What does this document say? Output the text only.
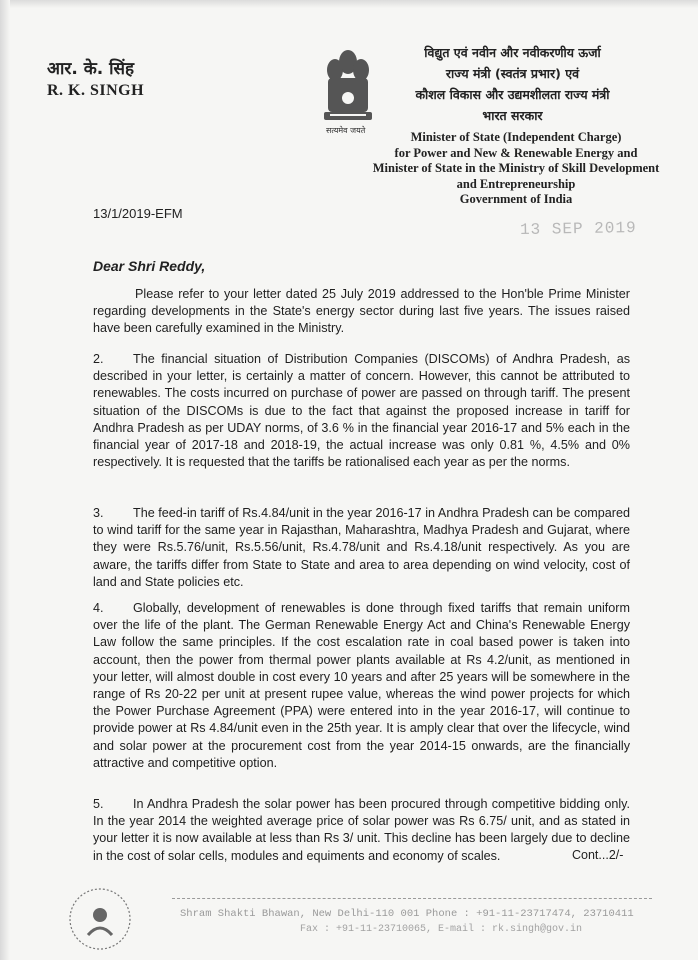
आर. के. सिंह
R. K. SINGH
सत्यमेव जयते
विद्युत एवं नवीन और नवीकरणीय ऊर्जा
राज्य मंत्री (स्वतंत्र प्रभार) एवं
कौशल विकास और उद्यमशीलता राज्य मंत्री
भारत सरकार
Minister of State (Independent Charge)
for Power and New & Renewable Energy and
Minister of State in the Ministry of Skill Development
and Entrepreneurship
Government of India
13/1/2019-EFM
13 SEP 2019
Dear Shri Reddy,
Please refer to your letter dated 25 July 2019 addressed to the Hon'ble Prime Minister regarding developments in the State's energy sector during last five years. The issues raised have been carefully examined in the Ministry.
2. The financial situation of Distribution Companies (DISCOMs) of Andhra Pradesh, as described in your letter, is certainly a matter of concern. However, this cannot be attributed to renewables. The costs incurred on purchase of power are passed on through tariff. The present situation of the DISCOMs is due to the fact that against the proposed increase in tariff for Andhra Pradesh as per UDAY norms, of 3.6 % in the financial year 2016-17 and 5% each in the financial year of 2017-18 and 2018-19, the actual increase was only 0.81 %, 4.5% and 0% respectively. It is requested that the tariffs be rationalised each year as per the norms.
3. The feed-in tariff of Rs.4.84/unit in the year 2016-17 in Andhra Pradesh can be compared to wind tariff for the same year in Rajasthan, Maharashtra, Madhya Pradesh and Gujarat, where they were Rs.5.76/unit, Rs.5.56/unit, Rs.4.78/unit and Rs.4.18/unit respectively. As you are aware, the tariffs differ from State to State and area to area depending on wind velocity, cost of land and State policies etc.
4. Globally, development of renewables is done through fixed tariffs that remain uniform over the life of the plant. The German Renewable Energy Act and China's Renewable Energy Law follow the same principles. If the cost escalation rate in coal based power is taken into account, then the power from thermal power plants available at Rs 4.2/unit, as mentioned in your letter, will almost double in cost every 10 years and after 25 years will be somewhere in the range of Rs 20-22 per unit at present rupee value, whereas the wind power projects for which the Power Purchase Agreement (PPA) were entered into in the year 2016-17, will continue to provide power at Rs 4.84/unit even in the 25th year. It is amply clear that over the lifecycle, wind and solar power at the procurement cost from the year 2014-15 onwards, are the financially attractive and competitive option.
5. In Andhra Pradesh the solar power has been procured through competitive bidding only. In the year 2014 the weighted average price of solar power was Rs 6.75/ unit, and as stated in your letter it is now available at less than Rs 3/ unit. This decline has been largely due to decline in the cost of solar cells, modules and equiments and economy of scales.	Cont...2/-
Shram Shakti Bhawan, New Delhi-110 001 Phone : +91-11-23717474, 23710411
Fax : +91-11-23710065, E-mail : rk.singh@gov.in
